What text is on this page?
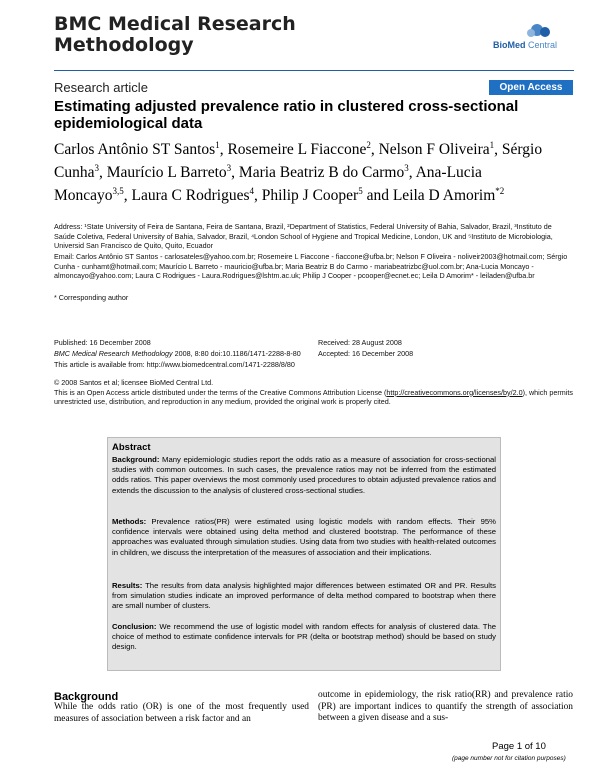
BMC Medical Research
Methodology	BioMed Central
Research article	Open Access
Estimating adjusted prevalence ratio in clustered cross-sectional epidemiological data
Carlos Antônio ST Santos$^1$, Rosemeire L Fiaccone$^2$, Nelson F Oliveira$^1$, Sérgio Cunha$^3$, Maurício L Barreto$^3$, Maria Beatriz B do Carmo$^3$, Ana-Lucia Moncayo$^{3,5}$, Laura C Rodrigues$^4$, Philip J Cooper$^5$ and Leila D Amorim$^{*2}$
Address: ¹State University of Feira de Santana, Feira de Santana, Brazil, ²Department of Statistics, Federal University of Bahia, Salvador, Brazil, ³Instituto de Saúde Coletiva, Federal University of Bahia, Salvador, Brazil, ⁴London School of Hygiene and Tropical Medicine, London, UK and ⁵Instituto de Microbiologia, Universid San Francisco de Quito, Quito, Ecuador
Email: Carlos Antônio ST Santos - carlosateles@yahoo.com.br; Rosemeire L Fiaccone - fiaccone@ufba.br; Nelson F Oliveira - noliveir2003@hotmail.com; Sérgio Cunha - cunhamt@hotmail.com; Maurício L Barreto - mauricio@ufba.br; Maria Beatriz B do Carmo - mariabeatrizbc@uol.com.br; Ana-Lucia Moncayo - almoncayo@yahoo.com; Laura C Rodrigues - Laura.Rodrigues@lshtm.ac.uk; Philip J Cooper - pcooper@ecnet.ec; Leila D Amorim* - leiladen@ufba.br
* Corresponding author
Published: 16 December 2008
BMC Medical Research Methodology 2008, 8:80 doi:10.1186/1471-2288-8-80
This article is available from: http://www.biomedcentral.com/1471-2288/8/80
Received: 28 August 2008
Accepted: 16 December 2008
© 2008 Santos et al; licensee BioMed Central Ltd.
This is an Open Access article distributed under the terms of the Creative Commons Attribution License (http://creativecommons.org/licenses/by/2.0), which permits unrestricted use, distribution, and reproduction in any medium, provided the original work is properly cited.
Abstract
Background: Many epidemiologic studies report the odds ratio as a measure of association for cross-sectional studies with common outcomes. In such cases, the prevalence ratios may not be inferred from the estimated odds ratios. This paper overviews the most commonly used procedures to obtain adjusted prevalence ratios and extends the discussion to the analysis of clustered cross-sectional studies.
Methods: Prevalence ratios(PR) were estimated using logistic models with random effects. Their 95% confidence intervals were obtained using delta method and clustered bootstrap. The performance of these approaches was evaluated through simulation studies. Using data from two studies with health-related outcomes in children, we discuss the interpretation of the measures of association and their implications.
Results: The results from data analysis highlighted major differences between estimated OR and PR. Results from simulation studies indicate an improved performance of delta method compared to bootstrap when there are small number of clusters.
Conclusion: We recommend the use of logistic model with random effects for analysis of clustered data. The choice of method to estimate confidence intervals for PR (delta or bootstrap method) should be based on study design.
Background
While the odds ratio (OR) is one of the most frequently used measures of association between a risk factor and an
outcome in epidemiology, the risk ratio(RR) and prevalence ratio (PR) are important indices to quantify the strength of association between a given disease and a sus-
Page 1 of 10
(page number not for citation purposes)
